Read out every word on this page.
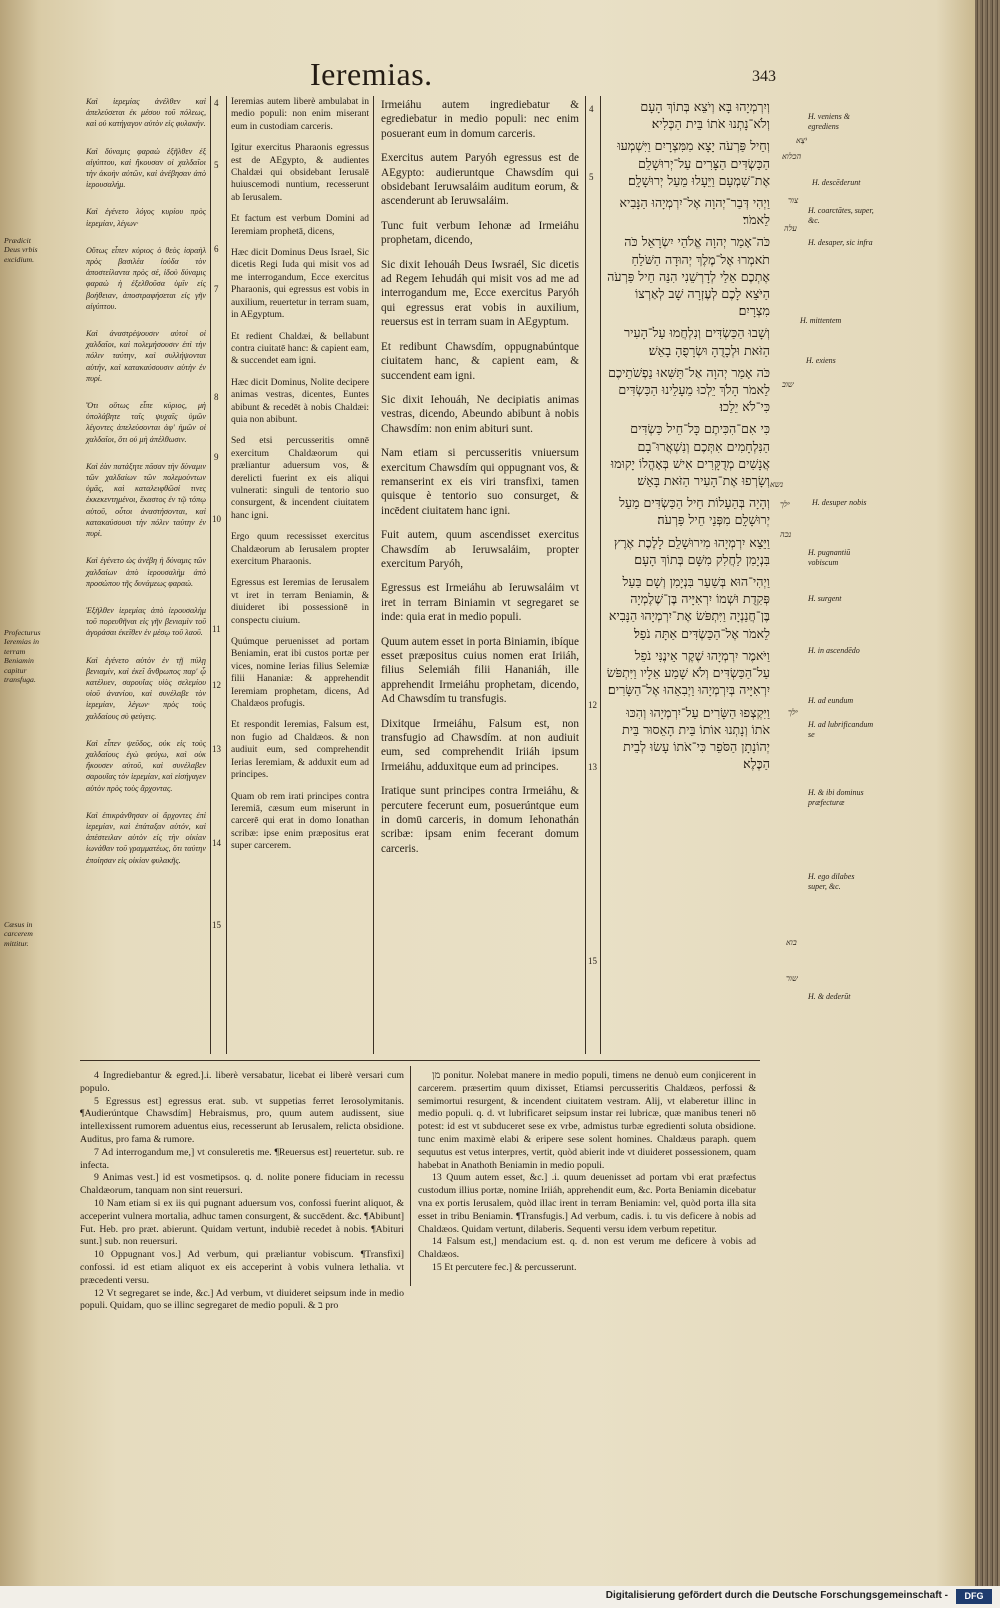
Ieremias.	343
Prædicit Deus vrbis excidium.
Profecturus Ieremias in terram Beniamin capitur transfuga.
Cæsus in carcerem mittitur.

Καὶ ἱερεμίας ἀνέλθεν καὶ ἀπελεύσεται ἐκ μέσου τοῦ πόλεως, καὶ οὐ κατήγαγον αὐτὸν εἰς φυλακήν.

Καὶ δύναμις φαραὼ ἐξῆλθεν ἐξ αἰγύπτου, καὶ ἤκουσαν οἱ χαλδαῖοι τὴν ἀκοὴν αὐτῶν, καὶ ἀνέβησαν ἀπὸ ἱερουσαλήμ.

Καὶ ἐγένετο λόγος κυρίου πρὸς ἱερεμίαν, λέγων·

Οὕτως εἶπεν κύριος ὁ θεὸς ἰσραὴλ πρὸς βασιλέα ἰούδα τὸν ἀποστείλαντα πρὸς σέ, ἰδοὺ δύναμις φαραὼ ἡ ἐξελθοῦσα ὑμῖν εἰς βοήθειαν, ἀποστραφήσεται εἰς γῆν αἰγύπτου.

Καὶ ἀναστρέψουσιν αὐτοὶ οἱ χαλδαῖοι, καὶ πολεμήσουσιν ἐπὶ τὴν πόλιν ταύτην, καὶ συλλήψονται αὐτήν, καὶ κατακαύσουσιν αὐτὴν ἐν πυρί.

Ὅτι οὕτως εἶπε κύριος, μὴ ὑπολάβητε ταῖς ψυχαῖς ὑμῶν λέγοντες ἀπελεύσονται ἀφ' ἡμῶν οἱ χαλδαῖοι, ὅτι οὐ μὴ ἀπέλθωσιν.

Καὶ ἐὰν πατάξητε πᾶσαν τὴν δύναμιν τῶν χαλδαίων τῶν πολεμούντων ὑμᾶς, καὶ καταλειφθῶσί τινες ἐκκεκεντημένοι, ἕκαστος ἐν τῷ τόπῳ αὐτοῦ, οὗτοι ἀναστήσονται, καὶ κατακαύσουσι τὴν πόλιν ταύτην ἐν πυρί.

Καὶ ἐγένετο ὡς ἀνέβη ἡ δύναμις τῶν χαλδαίων ἀπὸ ἱερουσαλὴμ ἀπὸ προσώπου τῆς δυνάμεως φαραώ.

Ἐξῆλθεν ἱερεμίας ἀπὸ ἱερουσαλὴμ τοῦ πορευθῆναι εἰς γῆν βενιαμὶν τοῦ ἀγοράσαι ἐκεῖθεν ἐν μέσῳ τοῦ λαοῦ.

Καὶ ἐγένετο αὐτὸν ἐν τῇ πύλῃ βενιαμίν, καὶ ἐκεῖ ἄνθρωπος παρ' ᾧ κατέλυεν, σαρουΐας υἱὸς σελεμίου υἱοῦ ἀνανίου, καὶ συνέλαβε τὸν ἱερεμίαν, λέγων· πρὸς τοὺς χαλδαίους σὺ φεύγεις.

Καὶ εἶπεν ψεῦδος, οὐκ εἰς τοὺς χαλδαίους ἐγὼ φεύγω, καὶ οὐκ ἤκουσεν αὐτοῦ, καὶ συνέλαβεν σαρουΐας τὸν ἱερεμίαν, καὶ εἰσήγαγεν αὐτὸν πρὸς τοὺς ἄρχοντας.

Καὶ ἐπικράνθησαν οἱ ἄρχοντες ἐπὶ ἱερεμίαν, καὶ ἐπάταξαν αὐτόν, καὶ ἀπέστειλαν αὐτὸν εἰς τὴν οἰκίαν ἰωνάθαν τοῦ γραμματέως, ὅτι ταύτην ἐποίησαν εἰς οἰκίαν φυλακῆς.

4
5
6
7
8
9
10
11
12
13
14
15

Ieremias autem liberè ambulabat in medio populi: non enim miserant eum in custodiam carceris.

Igitur exercitus Pharaonis egressus est de AEgypto, & audientes Chaldæi qui obsidebant Ierusalē huiuscemodi nuntium, recesserunt ab Ierusalem.

Et factum est verbum Domini ad Ieremiam prophetā, dicens,

Hæc dicit Dominus Deus Israel, Sic dicetis Regi Iuda qui misit vos ad me interrogandum, Ecce exercitus Pharaonis, qui egressus est vobis in auxilium, reuertetur in terram suam, in AEgyptum.

Et redient Chaldæi, & bellabunt contra ciuitatē hanc: & capient eam, & succendet eam igni.

Hæc dicit Dominus, Nolite decipere animas vestras, dicentes, Euntes abibunt & recedēt à nobis Chaldæi: quia non abibunt.

Sed etsi percusseritis omnē exercitum Chaldæorum qui præliantur aduersum vos, & derelicti fuerint ex eis aliqui vulnerati: singuli de tentorio suo consurgent, & incendent ciuitatem hanc igni.

Ergo quum recessisset exercitus Chaldæorum ab Ierusalem propter exercitum Pharaonis.

Egressus est Ieremias de Ierusalem vt iret in terram Beniamin, & diuideret ibi possessionē in conspectu ciuium.

Quúmque peruenisset ad portam Beniamin, erat ibi custos portæ per vices, nomine Ierias filius Selemiæ filii Hananiæ: & apprehendit Ieremiam prophetam, dicens, Ad Chaldæos profugis.

Et respondit Ieremias, Falsum est, non fugio ad Chaldæos. & non audiuit eum, sed comprehendit Ierias Ieremiam, & adduxit eum ad principes.

Quam ob rem irati principes contra Ieremiā, cæsum eum miserunt in carcerē qui erat in domo Ionathan scribæ: ipse enim præpositus erat super carcerem.

Irmeiáhu autem ingrediebatur & egrediebatur in medio populi: nec enim posuerant eum in domum carceris.

Exercitus autem Paryóh egressus est de AEgypto: audieruntque Chawsdím qui obsidebant Ieruwsaláim auditum eorum, & ascenderunt ab Ieruwsaláim.

Tunc fuit verbum Iehonæ ad Irmeiáhu prophetam, dicendo,

Sic dixit Iehouáh Deus Iwsraél, Sic dicetis ad Regem Iehudáh qui misit vos ad me ad interrogandum me, Ecce exercitus Paryóh qui egressus erat vobis in auxilium, reuersus est in terram suam in AEgyptum.

Et redibunt Chawsdím, oppugnabúntque ciuitatem hanc, & capient eam, & succendent eam igni.

Sic dixit Iehouáh, Ne decipiatis animas vestras, dicendo, Abeundo abibunt à nobis Chawsdím: non enim abituri sunt.

Nam etiam si percusseritis vniuersum exercitum Chawsdím qui oppugnant vos, & remanserint ex eis viri transfixi, tamen quisque è tentorio suo consurget, & incēdent ciuitatem hanc igni.

Fuit autem, quum ascendisset exercitus Chawsdím ab Ieruwsaláim, propter exercitum Paryóh,

Egressus est Irmeiáhu ab Ieruwsaláim vt iret in terram Biniamin vt segregaret se inde: quia erat in medio populi.

Quum autem esset in porta Biniamin, ibíque esset præpositus cuius nomen erat Iriiáh, filius Selemiáh filii Hananiáh, ille apprehendit Irmeiáhu prophetam, dicendo, Ad Chawsdím tu transfugis.

Dixitque Irmeiáhu, Falsum est, non transfugio ad Chawsdím. at non audiuit eum, sed comprehendit Iriiáh ipsum Irmeiáhu, adduxitque eum ad principes.

Iratique sunt principes contra Irmeiáhu, & percutere fecerunt eum, posuerúntque eum in domū carceris, in domum Iehonathán scribæ: ipsam enim fecerant domum carceris.

4
5
12
13
15

וְיִרְמְיָהוּ בָּא וְיֹצֵא בְּתוֹךְ הָעָם וְלֹא־נָתְנוּ אֹתוֹ בֵּית הַכְּלִיא׃

וְחֵיל פַּרְעֹה יָצָא מִמִּצְרָיִם וַיִּשְׁמְעוּ הַכַּשְׂדִּים הַצָּרִים עַל־יְרוּשָׁלִַם אֶת־שִׁמְעָם וַיֵּעָלוּ מֵעַל יְרוּשָׁלִָם׃

וַיְהִי דְּבַר־יְהוָה אֶל־יִרְמְיָהוּ הַנָּבִיא לֵאמֹר׃

כֹּה־אָמַר יְהוָה אֱלֹהֵי יִשְׂרָאֵל כֹּה תֹאמְרוּ אֶל־מֶלֶךְ יְהוּדָה הַשֹּׁלֵחַ אֶתְכֶם אֵלַי לְדָרְשֵׁנִי הִנֵּה חֵיל פַּרְעֹה הַיֹּצֵא לָכֶם לְעֶזְרָה שָׁב לְאַרְצוֹ מִצְרָיִם׃

וְשָׁבוּ הַכַּשְׂדִּים וְנִלְחֲמוּ עַל־הָעִיר הַזֹּאת וּלְכָדֻהָ וּשְׂרָפֻהָ בָאֵשׁ׃

כֹּה אָמַר יְהוָה אַל־תַּשִּׁאוּ נַפְשֹׁתֵיכֶם לֵאמֹר הָלֹךְ יֵלְכוּ מֵעָלֵינוּ הַכַּשְׂדִּים כִּי־לֹא יֵלֵכוּ׃

כִּי אִם־הִכִּיתֶם כָּל־חֵיל כַּשְׂדִּים הַנִּלְחָמִים אִתְּכֶם וְנִשְׁאֲרוּ־בָם אֲנָשִׁים מְדֻקָּרִים אִישׁ בְּאָהֳלוֹ יָקוּמוּ וְשָׂרְפוּ אֶת־הָעִיר הַזֹּאת בָּאֵשׁ׃

וְהָיָה בְּהֵעָלוֹת חֵיל הַכַּשְׂדִּים מֵעַל יְרוּשָׁלִָם מִפְּנֵי חֵיל פַּרְעֹה׃

וַיֵּצֵא יִרְמְיָהוּ מִירוּשָׁלִַם לָלֶכֶת אֶרֶץ בִּנְיָמִן לַחֲלִק מִשָּׁם בְּתוֹךְ הָעָם׃

וַיְהִי־הוּא בְּשַׁעַר בִּנְיָמִן וְשָׁם בַּעַל פְּקִדֻת וּשְׁמוֹ יִרְאִיָּיה בֶּן־שֶׁלֶמְיָה בֶּן־חֲנַנְיָה וַיִּתְפֹּשׂ אֶת־יִרְמְיָהוּ הַנָּבִיא לֵאמֹר אֶל־הַכַּשְׂדִּים אַתָּה נֹפֵל׃

וַיֹּאמֶר יִרְמְיָהוּ שֶׁקֶר אֵינֶנִּי נֹפֵל עַל־הַכַּשְׂדִּים וְלֹא שָׁמַע אֵלָיו וַיִּתְפֹּשׂ יִרְאִיָּיה בְּיִרְמְיָהוּ וַיְבִאֵהוּ אֶל־הַשָּׂרִים׃

וַיִּקְצְפוּ הַשָּׂרִים עַל־יִרְמְיָהוּ וְהִכּוּ אֹתוֹ וְנָתְנוּ אוֹתוֹ בֵּית הָאֵסוּר בֵּית יְהוֹנָתָן הַסֹּפֵר כִּי־אֹתוֹ עָשׂוּ לְבֵית הַכֶּלֶא׃

H. veniens & egrediens
יֹצֵא
הכלוא
H. descēderunt
צור
H. coarctātes, super, &c.
עלה
H. desaper, sic infra
H. mittentem
H. exiens
שוב
נשא
ילך	H. desuper nobis
נכה
H. pugnantiū vobiscum
H. surgent
H. in ascendēdo
H. ad eundum
ילך
H. ad lubrificandum se
H. & ibi dominus præfecturæ
H. ego dilabes super, &c.
בוא
שור
H. & dederūt

4 Ingrediebantur & egred.].i. liberè versabatur, licebat ei liberè versari cum populo.

5 Egressus est] egressus erat. sub. vt suppetias ferret Ierosolymitanis. ¶Audierúntque Chawsdím] Hebraismus, pro, quum autem audissent, siue intellexissent rumorem aduentus eius, recesserunt ab Ierusalem, relicta obsidione. Auditus, pro fama & rumore.

7 Ad interrogandum me,] vt consuleretis me. ¶Reuersus est] reuertetur. sub. re infecta.

9 Animas vest.] id est vosmetipsos. q. d. nolite ponere fiduciam in recessu Chaldæorum, tanquam non sint reuersuri.

10 Nam etiam si ex iis qui pugnant aduersum vos, confossi fuerint aliquot, & acceperint vulnera mortalia, adhuc tamen consurgent, & succēdent. &c. ¶Abibunt] Fut. Heb. pro præt. abierunt. Quidam vertunt, indubiè recedet à nobis. ¶Abituri sunt.] sub. non reuersuri.

10 Oppugnant vos.] Ad verbum, qui præliantur vobiscum. ¶Transfixi] confossi. id est etiam aliquot ex eis acceperint à vobis vulnera lethalia. vt præcedenti versu.

12 Vt segregaret se inde, &c.] Ad verbum, vt diuideret seipsum inde in medio populi. Quidam, quo se illinc segregaret de medio populi. & ב pro

מן ponitur. Nolebat manere in medio populi, timens ne denuò eum conjicerent in carcerem. præsertim quum dixisset, Etiamsi percusseritis Chaldæos, perfossi & semimortui resurgent, & incendent ciuitatem vestram. Alij, vt elaberetur illinc in medio populi. q. d. vt lubrificaret seipsum instar rei lubricæ, quæ manibus teneri nō potest: id est vt subduceret sese ex vrbe, admistus turbæ egredienti soluta obsidione. tunc enim maximè elabi & eripere sese solent homines. Chaldæus paraph. quem sequutus est vetus interpres, vertit, quòd abierit inde vt diuideret possessionem, quam habebat in Anathoth Beniamin in medio populi.

13 Quum autem esset, &c.] .i. quum deuenisset ad portam vbi erat præfectus custodum illius portæ, nomine Iriiáh, apprehendit eum, &c. Porta Beniamin dicebatur vna ex portis Ierusalem, quòd illac irent in terram Beniamin: vel, quòd porta illa sita esset in tribu Beniamin. ¶Transfugis.] Ad verbum, cadis. i. tu vis deficere à nobis ad Chaldæos. Quidam vertunt, dilaberis. Sequenti versu idem verbum repetitur.

14 Falsum est,] mendacium est. q. d. non est verum me deficere à vobis ad Chaldæos.

15 Et percutere fec.] & percusserunt.

Digitalisierung gefördert durch die Deutsche Forschungsgemeinschaft -	DFG
